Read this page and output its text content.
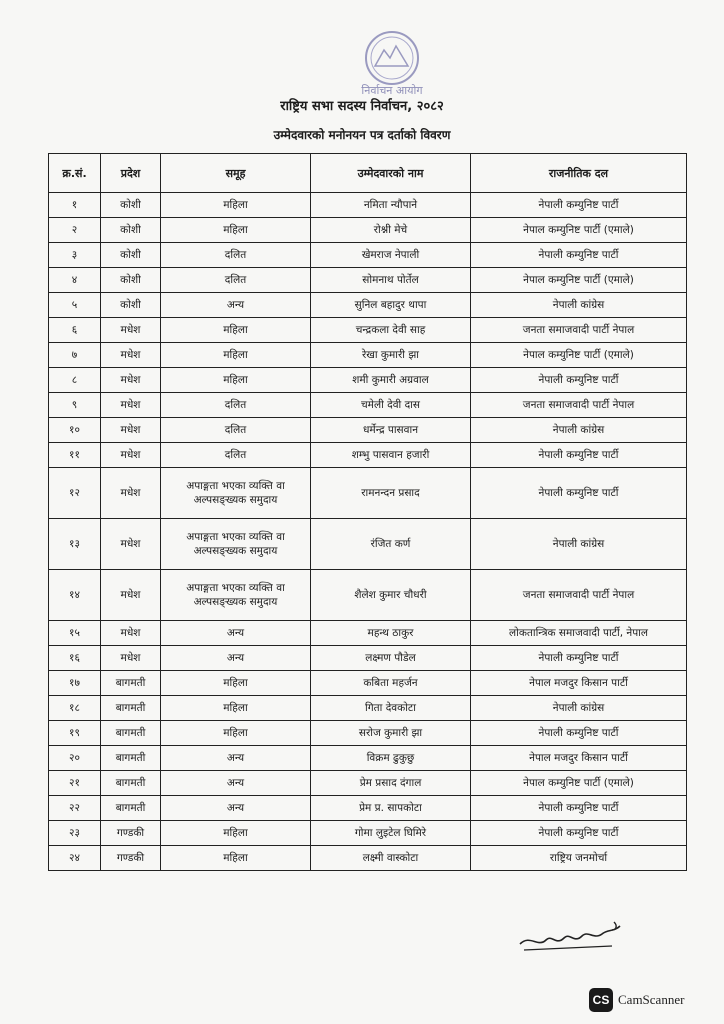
निर्वाचन आयोग
राष्ट्रिय सभा सदस्य निर्वाचन, २०८२
उम्मेदवारको मनोनयन पत्र दर्ताको विवरण
क्र.सं.	प्रदेश	समूह	उम्मेदवारको नाम	राजनीतिक दल
१	कोशी	महिला	नमिता न्यौपाने	नेपाली कम्युनिष्ट पार्टी
२	कोशी	महिला	रोश्नी मेचे	नेपाल कम्युनिष्ट पार्टी (एमाले)
३	कोशी	दलित	खेमराज नेपाली	नेपाली कम्युनिष्ट पार्टी
४	कोशी	दलित	सोमनाथ पोर्तेल	नेपाल कम्युनिष्ट पार्टी (एमाले)
५	कोशी	अन्य	सुनिल बहादुर थापा	नेपाली कांग्रेस
६	मधेश	महिला	चन्द्रकला देवी साह	जनता समाजवादी पार्टी नेपाल
७	मधेश	महिला	रेखा कुमारी झा	नेपाल कम्युनिष्ट पार्टी (एमाले)
८	मधेश	महिला	शमी कुमारी अग्रवाल	नेपाली कम्युनिष्ट पार्टी
९	मधेश	दलित	चमेली देवी दास	जनता समाजवादी पार्टी नेपाल
१०	मधेश	दलित	धर्मेन्द्र पासवान	नेपाली कांग्रेस
११	मधेश	दलित	शम्भु पासवान हजारी	नेपाली कम्युनिष्ट पार्टी
१२	मधेश	अपाङ्गता भएका व्यक्ति वा अल्पसङ्ख्यक समुदाय	रामनन्दन प्रसाद	नेपाली कम्युनिष्ट पार्टी
१३	मधेश	अपाङ्गता भएका व्यक्ति वा अल्पसङ्ख्यक समुदाय	रंजित कर्ण	नेपाली कांग्रेस
१४	मधेश	अपाङ्गता भएका व्यक्ति वा अल्पसङ्ख्यक समुदाय	शैलेश कुमार चौधरी	जनता समाजवादी पार्टी नेपाल
१५	मधेश	अन्य	महन्थ ठाकुर	लोकतान्त्रिक समाजवादी पार्टी, नेपाल
१६	मधेश	अन्य	लक्ष्मण पौडेल	नेपाली कम्युनिष्ट पार्टी
१७	बागमती	महिला	कबिता महर्जन	नेपाल मजदुर किसान पार्टी
१८	बागमती	महिला	गिता देवकोटा	नेपाली कांग्रेस
१९	बागमती	महिला	सरोज कुमारी झा	नेपाली कम्युनिष्ट पार्टी
२०	बागमती	अन्य	विक्रम ढुकुछु	नेपाल मजदुर किसान पार्टी
२१	बागमती	अन्य	प्रेम प्रसाद दंगाल	नेपाल कम्युनिष्ट पार्टी (एमाले)
२२	बागमती	अन्य	प्रेम प्र. सापकोटा	नेपाली कम्युनिष्ट पार्टी
२३	गण्डकी	महिला	गोमा लुइटेल घिमिरे	नेपाली कम्युनिष्ट पार्टी
२४	गण्डकी	महिला	लक्ष्मी वास्कोटा	राष्ट्रिय जनमोर्चा
CS CamScanner
